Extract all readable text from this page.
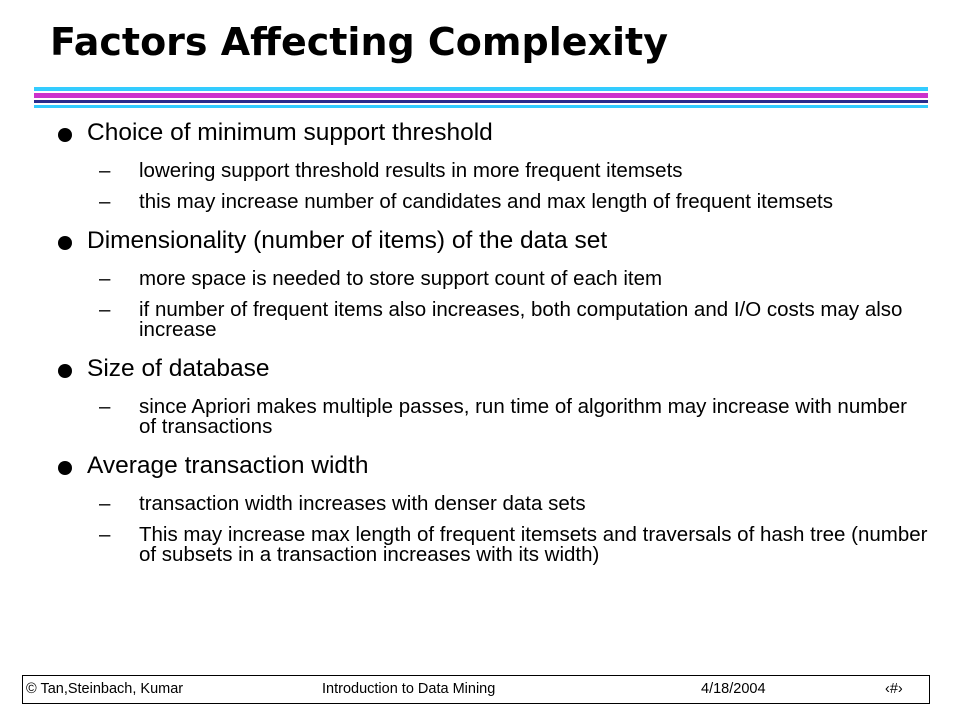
Factors Affecting Complexity
Choice of minimum support threshold
– lowering support threshold results in more frequent itemsets
– this may increase number of candidates and max length of frequent itemsets
Dimensionality (number of items) of the data set
– more space is needed to store support count of each item
– if number of frequent items also increases, both computation and I/O costs may also increase
Size of database
– since Apriori makes multiple passes, run time of algorithm may increase with number of transactions
Average transaction width
– transaction width increases with denser data sets
– This may increase max length of frequent itemsets and traversals of hash tree (number of subsets in a transaction increases with its width)
© Tan,Steinbach, Kumar	Introduction to Data Mining	4/18/2004	‹#›
